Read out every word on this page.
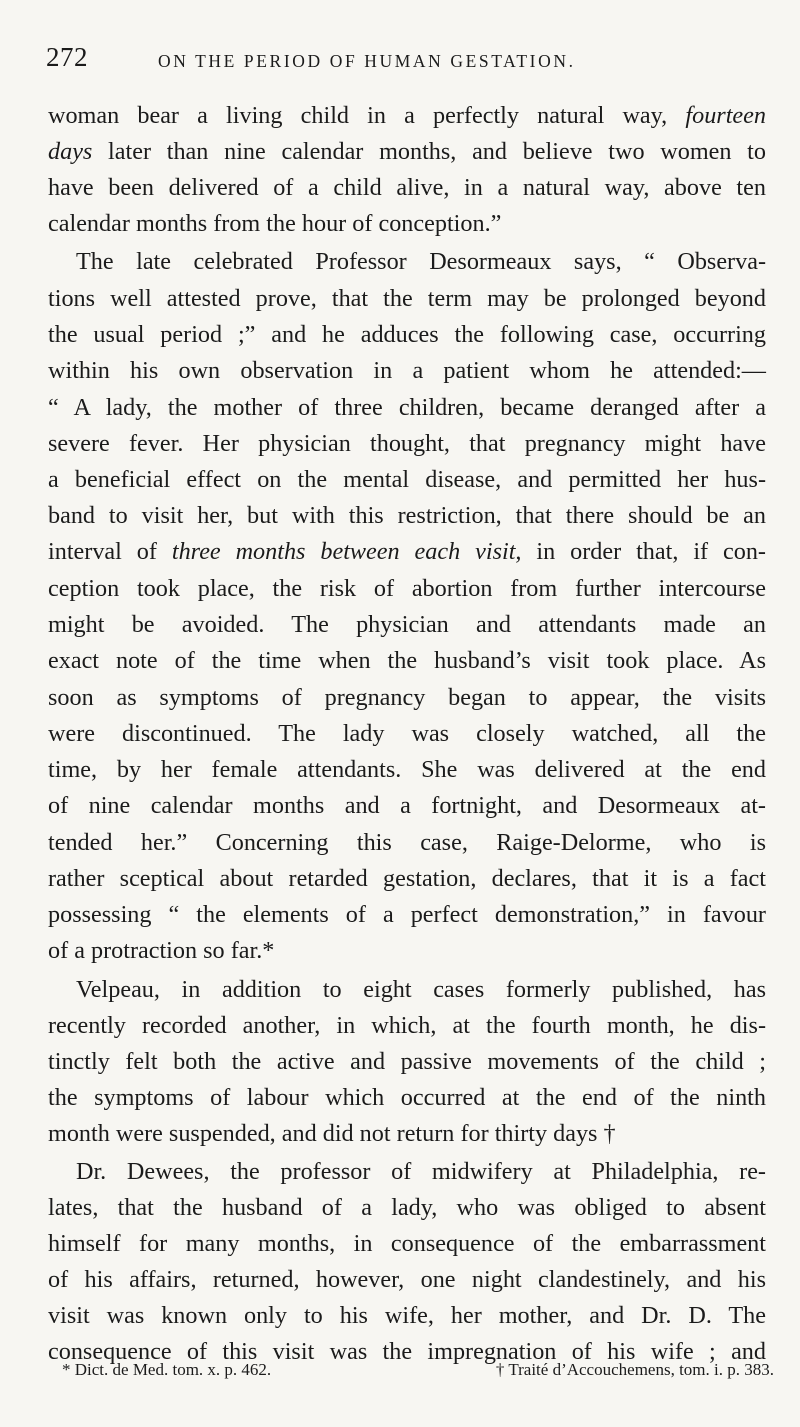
272	ON THE PERIOD OF HUMAN GESTATION.
woman bear a living child in a perfectly natural way, fourteen
days later than nine calendar months, and believe two women to
have been delivered of a child alive, in a natural way, above ten
calendar months from the hour of conception.”
The late celebrated Professor Desormeaux says, “ Observa-
tions well attested prove, that the term may be prolonged beyond
the usual period ;” and he adduces the following case, occurring
within his own observation in a patient whom he attended:—
“ A lady, the mother of three children, became deranged after a
severe fever. Her physician thought, that pregnancy might have
a beneficial effect on the mental disease, and permitted her hus-
band to visit her, but with this restriction, that there should be an
interval of three months between each visit, in order that, if con-
ception took place, the risk of abortion from further intercourse
might be avoided. The physician and attendants made an
exact note of the time when the husband’s visit took place. As
soon as symptoms of pregnancy began to appear, the visits
were discontinued. The lady was closely watched, all the
time, by her female attendants. She was delivered at the end
of nine calendar months and a fortnight, and Desormeaux at-
tended her.” Concerning this case, Raige-Delorme, who is
rather sceptical about retarded gestation, declares, that it is a fact
possessing “ the elements of a perfect demonstration,” in favour
of a protraction so far.*
Velpeau, in addition to eight cases formerly published, has
recently recorded another, in which, at the fourth month, he dis-
tinctly felt both the active and passive movements of the child ;
the symptoms of labour which occurred at the end of the ninth
month were suspended, and did not return for thirty days †
Dr. Dewees, the professor of midwifery at Philadelphia, re-
lates, that the husband of a lady, who was obliged to absent
himself for many months, in consequence of the embarrassment
of his affairs, returned, however, one night clandestinely, and his
visit was known only to his wife, her mother, and Dr. D. The
consequence of this visit was the impregnation of his wife ; and
* Dict. de Med. tom. x. p. 462.	† Traité d’Accouchemens, tom. i. p. 383.
